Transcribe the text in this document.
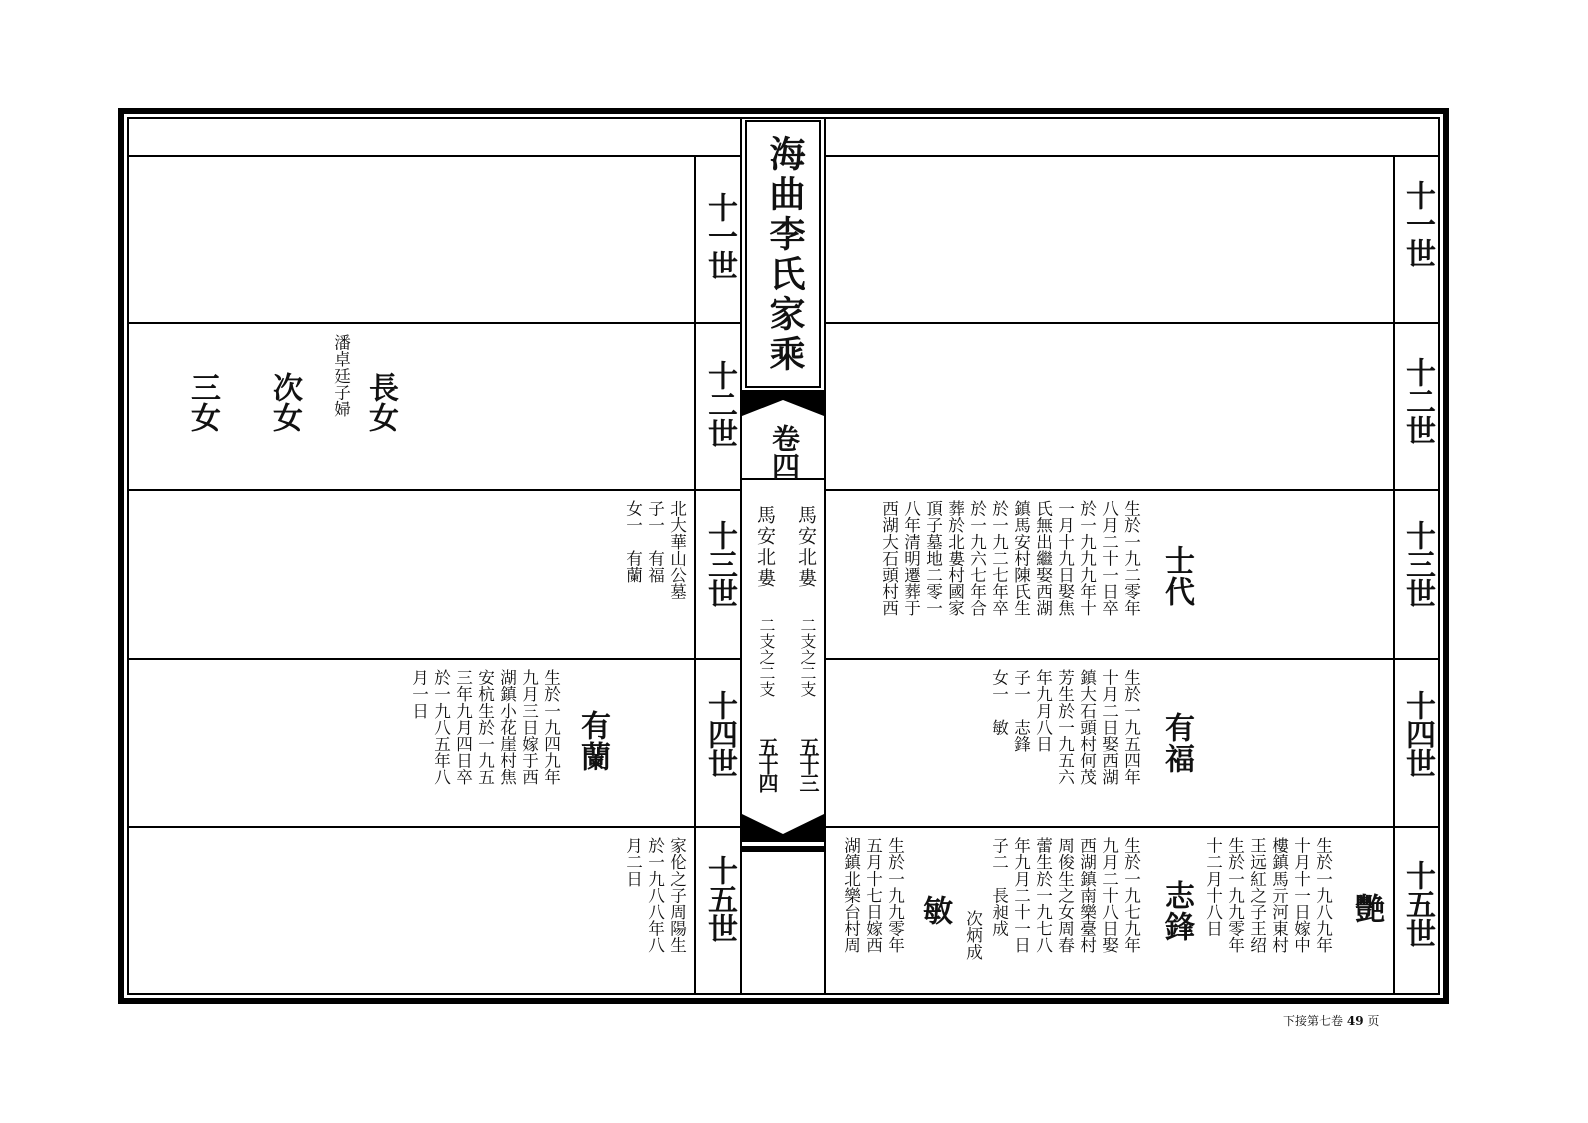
海曲李氏家乘
卷四
馬安北婁
二支之二支
五十三
馬安北婁
二支之二支
五十四
十一世
十二世
十三世
十四世
十五世
十一世
十二世
十三世
十四世
十五世
長女
潘卓廷子婦
次女
三女
北大華山公墓
子一　有福
女一　有蘭
有蘭
生於一九四九年
九月三日嫁于西
湖鎮小花崖村焦
安杭生於一九五
三年九月四日卒
於一九八五年八
月一日
家伦之子周陽生
於一九八八年八
月二日
士代
生於一九二零年
八月二十一日卒
於一九九九年十
一月十九日娶焦
氏無出繼娶西湖
鎮馬安村陳氏生
於一九二七年卒
於一九六七年合
葬於北婁村國家
頂子墓地二零一
八年清明遷葬于
西湖大石頭村西
有福
生於一九五四年
十月二日娶西湖
鎮大石頭村何茂
芳生於一九五六
年九月八日
子一　志鋒
女一　敏
艷
生於一九八九年
十月十一日嫁中
樓鎮馬亓河東村
王远紅之子王绍
生於一九九零年
十二月十八日
志鋒
生於一九七九年
九月二十八日娶
西湖鎮南樂臺村
周俊生之女周春
蕾生於一九七八
年九月二十一日
子二　長昶成
次炳成
敏
生於一九九零年
五月十七日嫁西
湖鎮北樂台村周
下接第七卷 49 页
